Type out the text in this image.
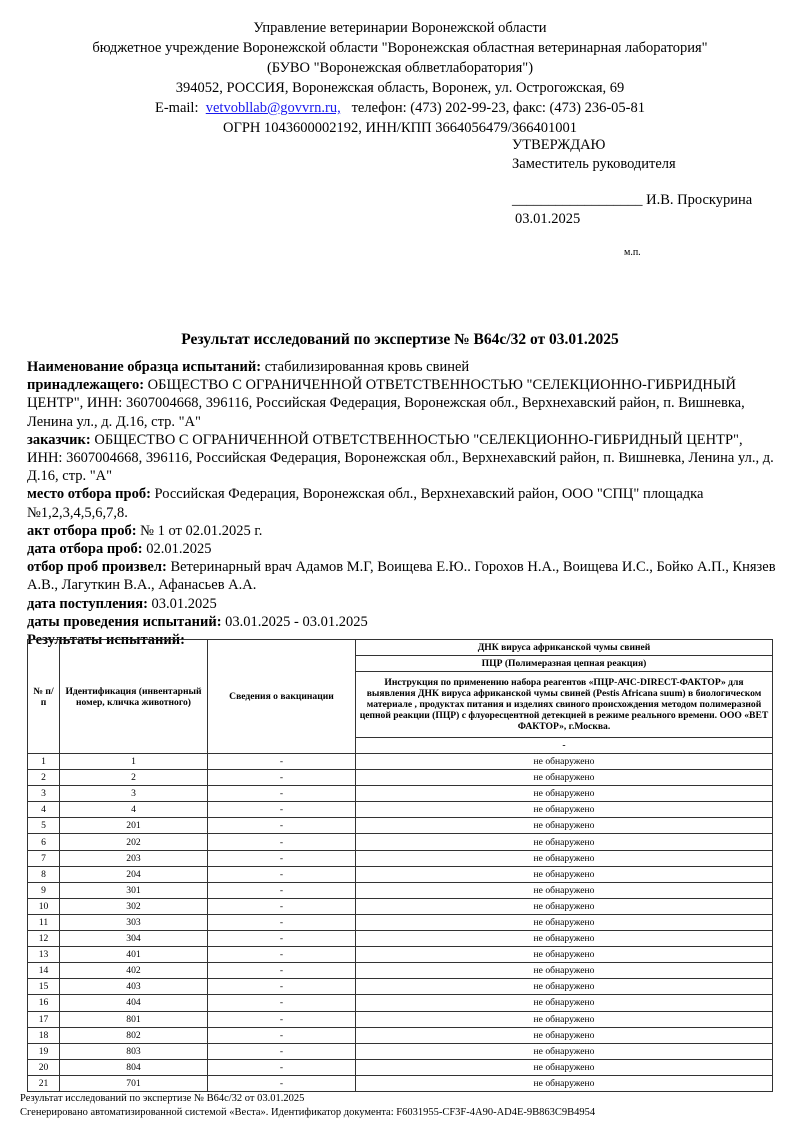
Управление ветеринарии Воронежской области
бюджетное учреждение Воронежской области "Воронежская областная ветеринарная лаборатория"
(БУВО "Воронежская облветлаборатория")
394052, РОССИЯ, Воронежская область, Воронеж, ул. Острогожская, 69
E-mail: vetvobllab@govvrn.ru, телефон: (473) 202-99-23, факс: (473) 236-05-81
ОГРН 1043600002192, ИНН/КПП 3664056479/366401001
УТВЕРЖДАЮ
Заместитель руководителя
__________________ И.В. Проскурина
03.01.2025
м.п.
Результат исследований по экспертизе № В64с/32 от 03.01.2025

Наименование образца испытаний: стабилизированная кровь свиней

принадлежащего: ОБЩЕСТВО С ОГРАНИЧЕННОЙ ОТВЕТСТВЕННОСТЬЮ "СЕЛЕКЦИОННО-ГИБРИДНЫЙ ЦЕНТР", ИНН: 3607004668, 396116, Российская Федерация, Воронежская обл., Верхнехавский район, п. Вишневка, Ленина ул., д. Д.16, стр. "А"

заказчик: ОБЩЕСТВО С ОГРАНИЧЕННОЙ ОТВЕТСТВЕННОСТЬЮ "СЕЛЕКЦИОННО-ГИБРИДНЫЙ ЦЕНТР", ИНН: 3607004668, 396116, Российская Федерация, Воронежская обл., Верхнехавский район, п. Вишневка, Ленина ул., д. Д.16, стр. "А"

место отбора проб: Российская Федерация, Воронежская обл., Верхнехавский район, ООО "СПЦ" площадка №1,2,3,4,5,6,7,8.

акт отбора проб: № 1 от 02.01.2025 г.

дата отбора проб: 02.01.2025

отбор проб произвел: Ветеринарный врач Адамов М.Г, Воищева Е.Ю.. Горохов Н.А., Воищева И.С., Бойко А.П., Князев А.В., Лагуткин В.А., Афанасьев А.А.

дата поступления: 03.01.2025

даты проведения испытаний: 03.01.2025 - 03.01.2025

Результаты испытаний:

№ п/п	Идентификация (инвентарный номер, кличка животного)	Сведения о вакцинации	ДНК вируса африканской чумы свиней
			ПЦР (Полимеразная цепная реакция)
			Инструкция по применению набора реагентов «ПЦР-АЧС-DIRECT-ФАКТОР» для выявления ДНК вируса африканской чумы свиней (Pestis Africana suum) в биологическом материале , продуктах питания и изделиях свиного происхождения методом полимеразной цепной реакции (ПЦР) с флуоресцентной детекцией в режиме реального времени. ООО «ВЕТ ФАКТОР», г.Москва.
			-
1	1	-	не обнаружено
2	2	-	не обнаружено
3	3	-	не обнаружено
4	4	-	не обнаружено
5	201	-	не обнаружено
6	202	-	не обнаружено
7	203	-	не обнаружено
8	204	-	не обнаружено
9	301	-	не обнаружено
10	302	-	не обнаружено
11	303	-	не обнаружено
12	304	-	не обнаружено
13	401	-	не обнаружено
14	402	-	не обнаружено
15	403	-	не обнаружено
16	404	-	не обнаружено
17	801	-	не обнаружено
18	802	-	не обнаружено
19	803	-	не обнаружено
20	804	-	не обнаружено
21	701	-	не обнаружено
Результат исследований по экспертизе № В64с/32 от 03.01.2025
Сгенерировано автоматизированной системой «Веста». Идентификатор документа: F6031955-CF3F-4A90-AD4E-9B863C9B4954
